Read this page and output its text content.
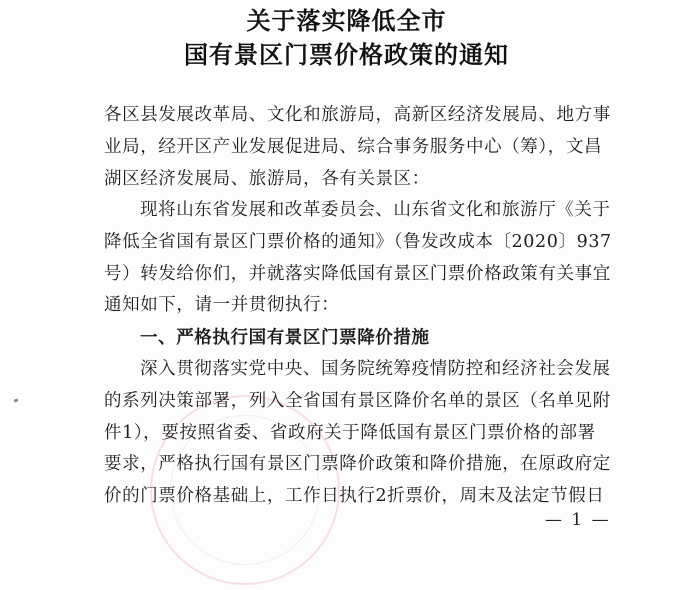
关于落实降低全市
国有景区门票价格政策的通知

各区县发展改革局、文化和旅游局，高新区经济发展局、地方事
业局，经开区产业发展促进局、综合事务服务中心（筹），文昌
湖区经济发展局、旅游局，各有关景区：

现将山东省发展和改革委员会、山东省文化和旅游厅《关于
降低全省国有景区门票价格的通知》（鲁发改成本〔2020〕937
号）转发给你们，并就落实降低国有景区门票价格政策有关事宜
通知如下，请一并贯彻执行：

一、严格执行国有景区门票降价措施

深入贯彻落实党中央、国务院统筹疫情防控和经济社会发展
的系列决策部署，列入全省国有景区降价名单的景区（名单见附
件1），要按照省委、省政府关于降低国有景区门票价格的部署
要求，严格执行国有景区门票降价政策和降价措施，在原政府定
价的门票价格基础上，工作日执行2折票价，周末及法定节假日

— 1 —
